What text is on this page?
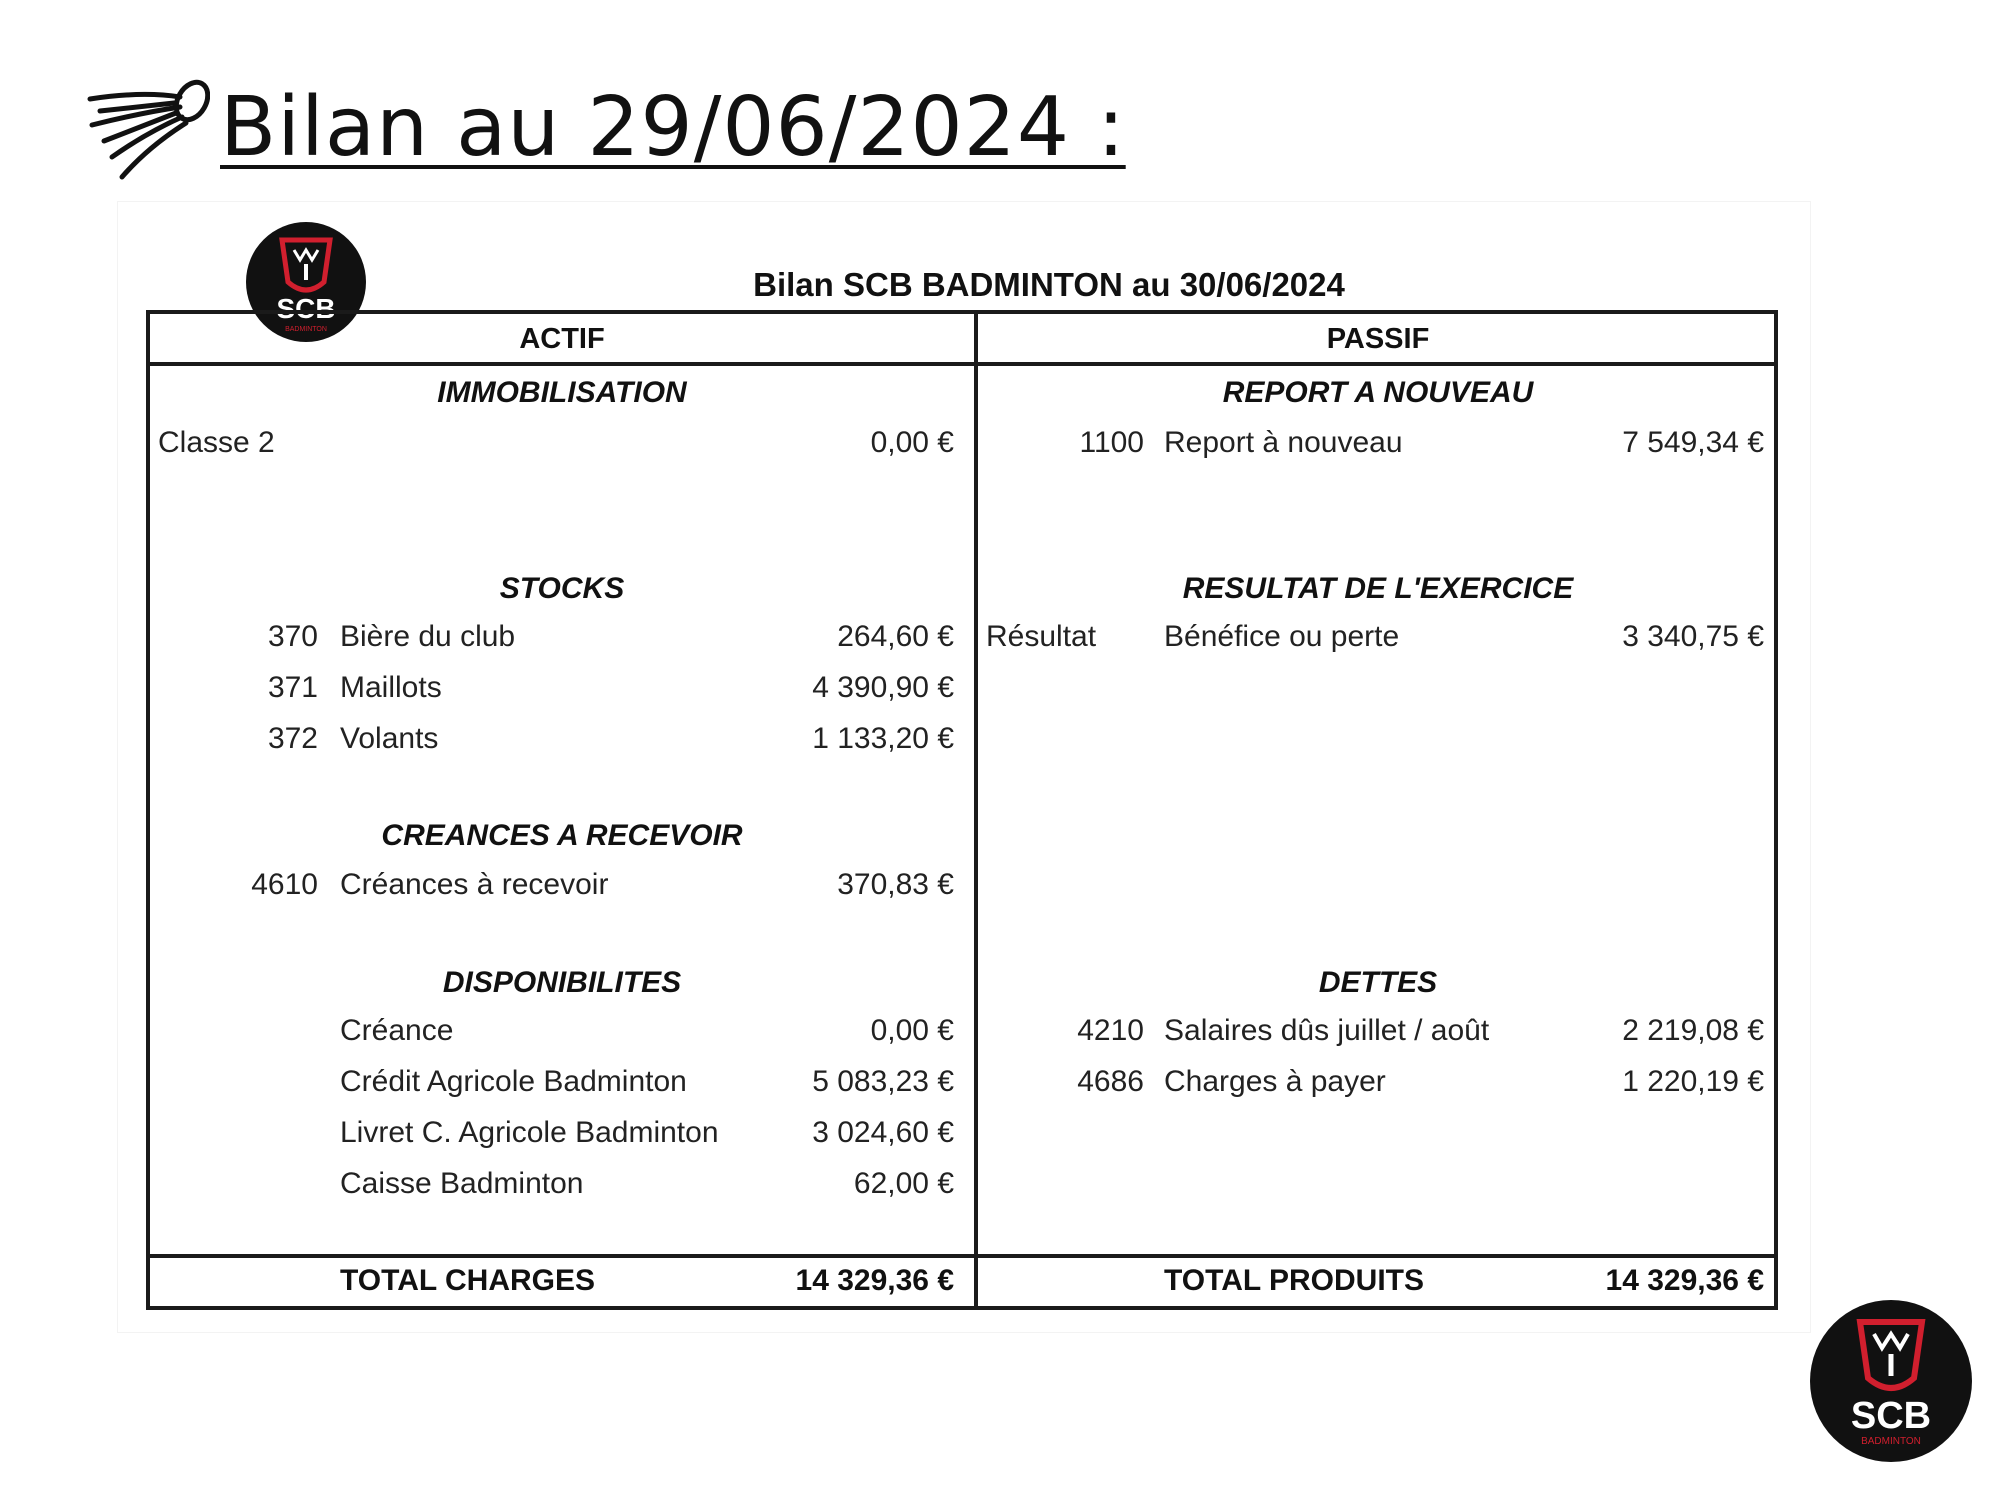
Bilan au 29/06/2024 :
SCB
BADMINTON
Bilan SCB BADMINTON au 30/06/2024
ACTIF	PASSIF
IMMOBILISATION
Classe 2	0,00 €
STOCKS
370 Bière du club	264,60 €
371 Maillots	4 390,90 €
372 Volants	1 133,20 €
CREANCES A RECEVOIR
4610 Créances à recevoir	370,83 €
DISPONIBILITES
Créance	0,00 €
Crédit Agricole Badminton	5 083,23 €
Livret C. Agricole Badminton	3 024,60 €
Caisse Badminton	62,00 €
TOTAL CHARGES	14 329,36 €
REPORT A NOUVEAU
1100 Report à nouveau	7 549,34 €
RESULTAT DE L'EXERCICE
Résultat Bénéfice ou perte	3 340,75 €
DETTES
4210 Salaires dûs juillet / août	2 219,08 €
4686 Charges à payer	1 220,19 €
TOTAL PRODUITS	14 329,36 €
SCB
BADMINTON
